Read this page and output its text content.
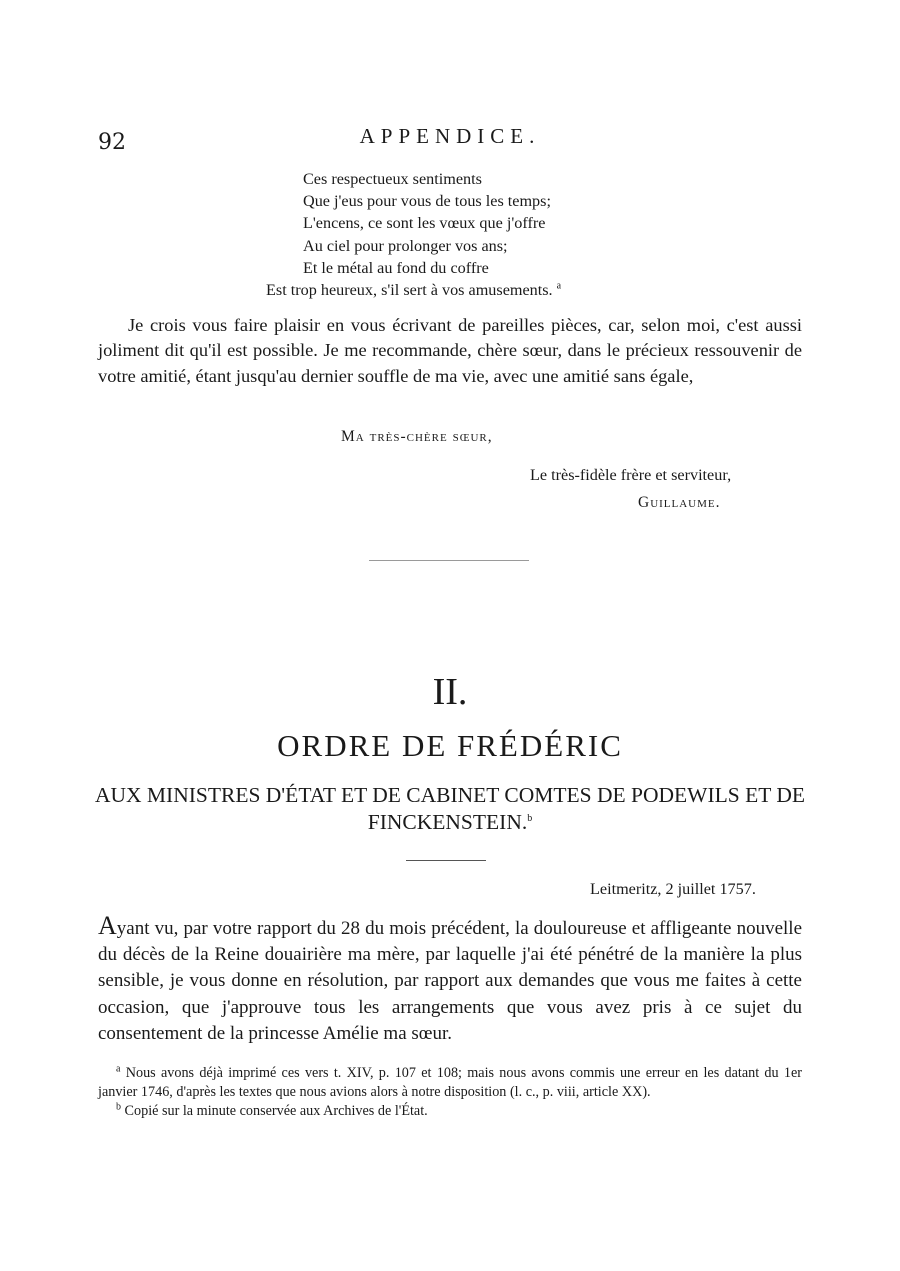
92	APPENDICE.
Ces respectueux sentiments
Que j'eus pour vous de tous les temps;
L'encens, ce sont les vœux que j'offre
Au ciel pour prolonger vos ans;
Et le métal au fond du coffre
Est trop heureux, s'il sert à vos amusements. $^a$
Je crois vous faire plaisir en vous écrivant de pareilles pièces, car, selon moi, c'est aussi joliment dit qu'il est possible. Je me recommande, chère sœur, dans le précieux ressouvenir de votre amitié, étant jusqu'au dernier souffle de ma vie, avec une amitié sans égale,
Ma très-chère sœur,
Le très-fidèle frère et serviteur,
Guillaume.
II.
ORDRE DE FRÉDÉRIC
AUX MINISTRES D'ÉTAT ET DE CABINET COMTES DE PODEWILS ET DE FINCKENSTEIN.$^b$
Leitmeritz, 2 juillet 1757.
Ayant vu, par votre rapport du 28 du mois précédent, la douloureuse et affligeante nouvelle du décès de la Reine douairière ma mère, par laquelle j'ai été pénétré de la manière la plus sensible, je vous donne en résolution, par rapport aux demandes que vous me faites à cette occasion, que j'approuve tous les arrangements que vous avez pris à ce sujet du consentement de la princesse Amélie ma sœur.

$^a$ Nous avons déjà imprimé ces vers t. XIV, p. 107 et 108; mais nous avons commis une erreur en les datant du 1er janvier 1746, d'après les textes que nous avions alors à notre disposition (l. c., p. viii, article XX).

$^b$ Copié sur la minute conservée aux Archives de l'État.
